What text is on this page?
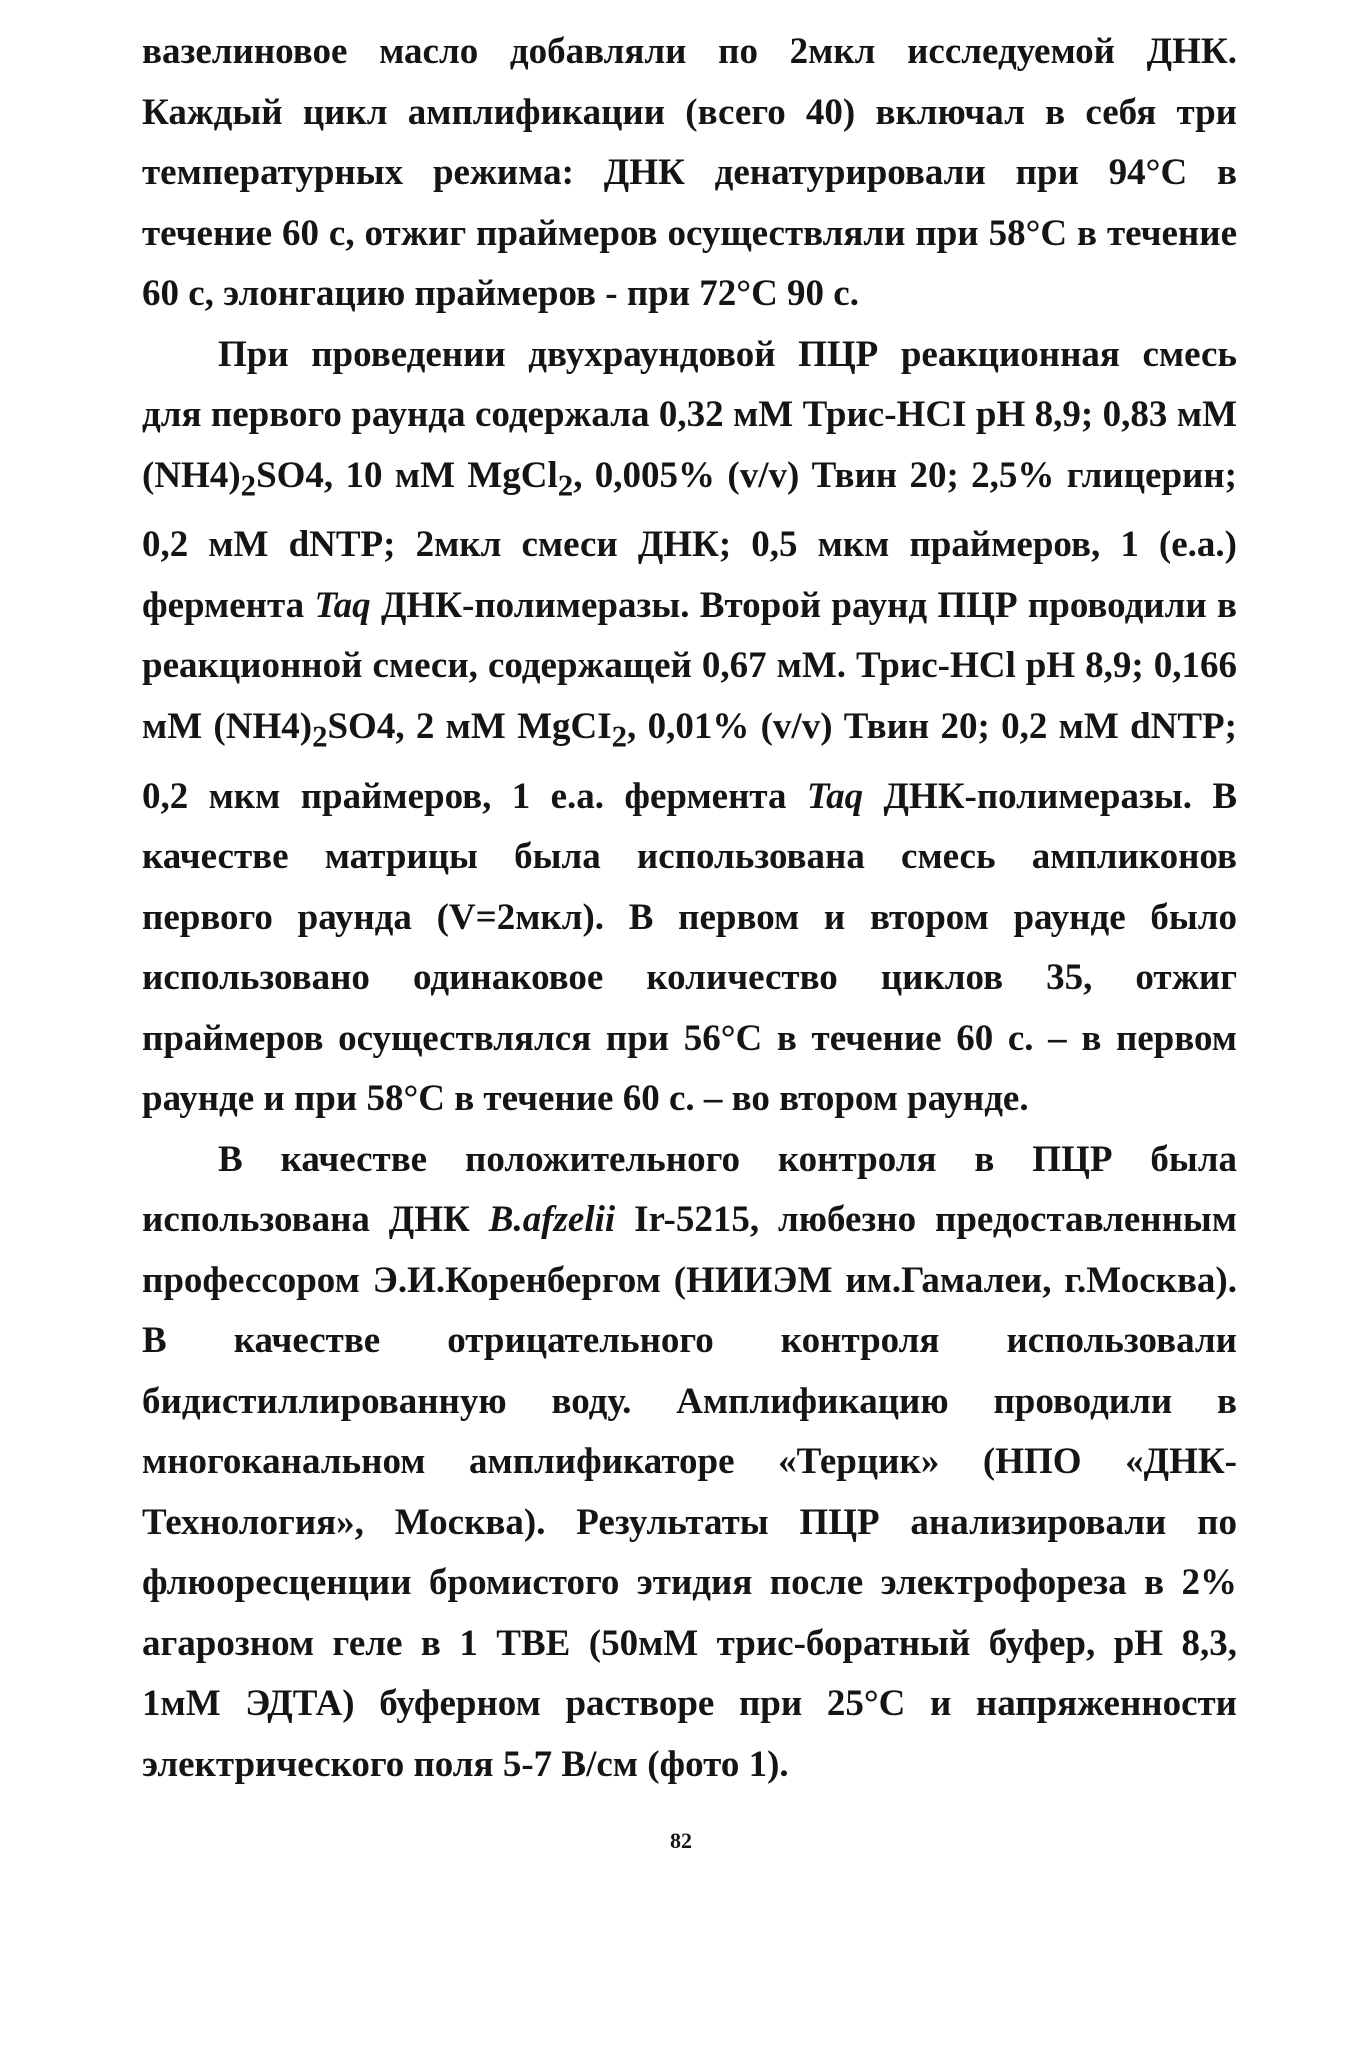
вазелиновое масло добавляли по 2мкл исследуемой ДНК. Каждый цикл амплификации (всего 40) включал в себя три температурных режима: ДНК денатурировали при 94°С в течение 60 с, отжиг праймеров осуществляли при 58°С в течение 60 с, элонгацию праймеров - при 72°С 90 с.

При проведении двухраундовой ПЦР реакционная смесь для первого раунда содержала 0,32 мМ Трис-HCI pH 8,9; 0,83 мМ $(NH4)_2SO4$, 10 мМ MgCl$_2$, 0,005% (v/v) Твин 20; 2,5% глицерин; 0,2 мМ dNTP; 2мкл смеси ДНК; 0,5 мкм праймеров, 1 (е.а.) фермента Taq ДНК-полимеразы. Второй раунд ПЦР проводили в реакционной смеси, содержащей 0,67 мМ. Трис-HCl pH 8,9; 0,166 мМ $(NH4)_2SO4$, 2 мМ MgCI$_2$, 0,01% (v/v) Твин 20; 0,2 мМ dNTP; 0,2 мкм праймеров, 1 е.а. фермента Taq ДНК-полимеразы. В качестве матрицы была использована смесь ампликонов первого раунда (V=2мкл). В первом и втором раунде было использовано одинаковое количество циклов 35, отжиг праймеров осуществлялся при 56°С в течение 60 с. – в первом раунде и при 58°С в течение 60 с. – во втором раунде.

В качестве положительного контроля в ПЦР была использована ДНК B.afzelii Ir-5215, любезно предоставленным профессором Э.И.Коренбергом (НИИЭМ им.Гамалеи, г.Москва). В качестве отрицательного контроля использовали бидистиллированную воду. Амплификацию проводили в многоканальном амплификаторе «Терцик» (НПО «ДНК-Технология», Москва). Результаты ПЦР анализировали по флюоресценции бромистого этидия после электрофореза в 2% агарозном геле в 1 ТВЕ (50мМ трис-боратный буфер, pH 8,3, 1мМ ЭДТА) буферном растворе при 25°С и напряженности электрического поля 5-7 В/см (фото 1).

82
